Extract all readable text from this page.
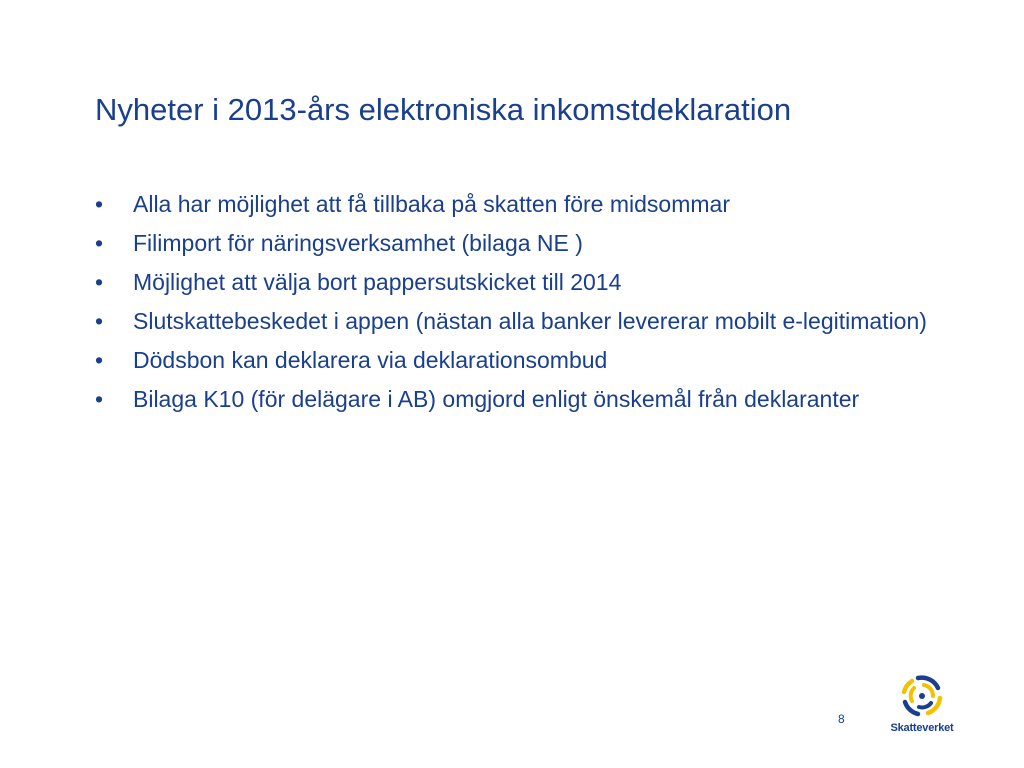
Nyheter i 2013-års elektroniska inkomstdeklaration
•	Alla har möjlighet att få tillbaka på skatten före midsommar
•	Filimport för näringsverksamhet (bilaga NE )
•	Möjlighet att välja bort pappersutskicket till 2014
•	Slutskattebeskedet i appen (nästan alla banker levererar mobilt e-legitimation)
•	Dödsbon kan deklarera via deklarationsombud
•	Bilaga K10 (för delägare i AB) omgjord enligt önskemål från deklaranter
8
Skatteverket
